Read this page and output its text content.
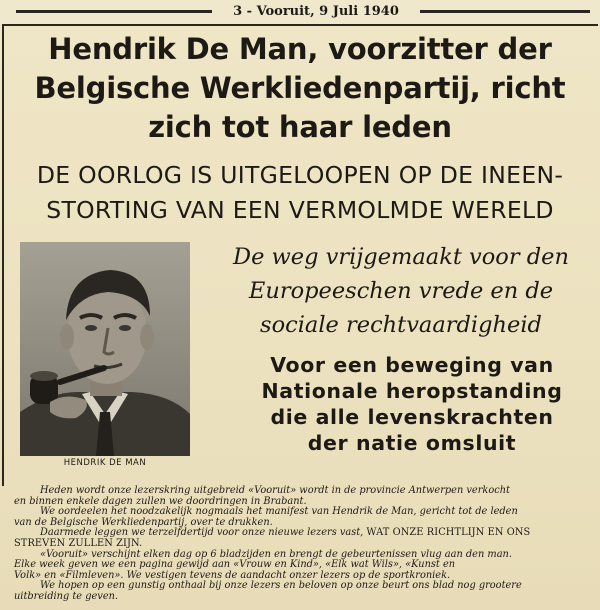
3 - Vooruit, 9 Juli 1940
Hendrik De Man, voorzitter der
Belgische Werkliedenpartij, richt
zich tot haar leden
DE OORLOG IS UITGELOOPEN OP DE INEEN-
STORTING VAN EEN VERMOLMDE WERELD
HENDRIK DE MAN
De weg vrijgemaakt voor den
Europeeschen vrede en de
sociale rechtvaardigheid
Voor een beweging van
Nationale heropstanding
die alle levenskrachten
der natie omsluit

Heden wordt onze lezerskring uitgebreid «Vooruit» wordt in de provincie Antwerpen verkocht
en binnen enkele dagen zullen we doordringen in Brabant.

We oordeelen het noodzakelijk nogmaals het manifest van Hendrik de Man, gericht tot de leden
van de Belgische Werkliedenpartij, over te drukken.

Daarmede leggen we terzelfdertijd voor onze nieuwe lezers vast, WAT ONZE RICHTLIJN EN ONS
STREVEN ZULLEN ZIJN.

«Vooruit» verschijnt elken dag op 6 bladzijden en brengt de gebeurtenissen vlug aan den man.
Elke week geven we een pagina gewijd aan «Vrouw en Kind», «Elk wat Wils», «Kunst en
Volk» en «Filmleven». We vestigen tevens de aandacht onzer lezers op de sportkroniek.

We hopen op een gunstig onthaal bij onze lezers en beloven op onze beurt ons blad nog grootere
uitbreiding te geven.
